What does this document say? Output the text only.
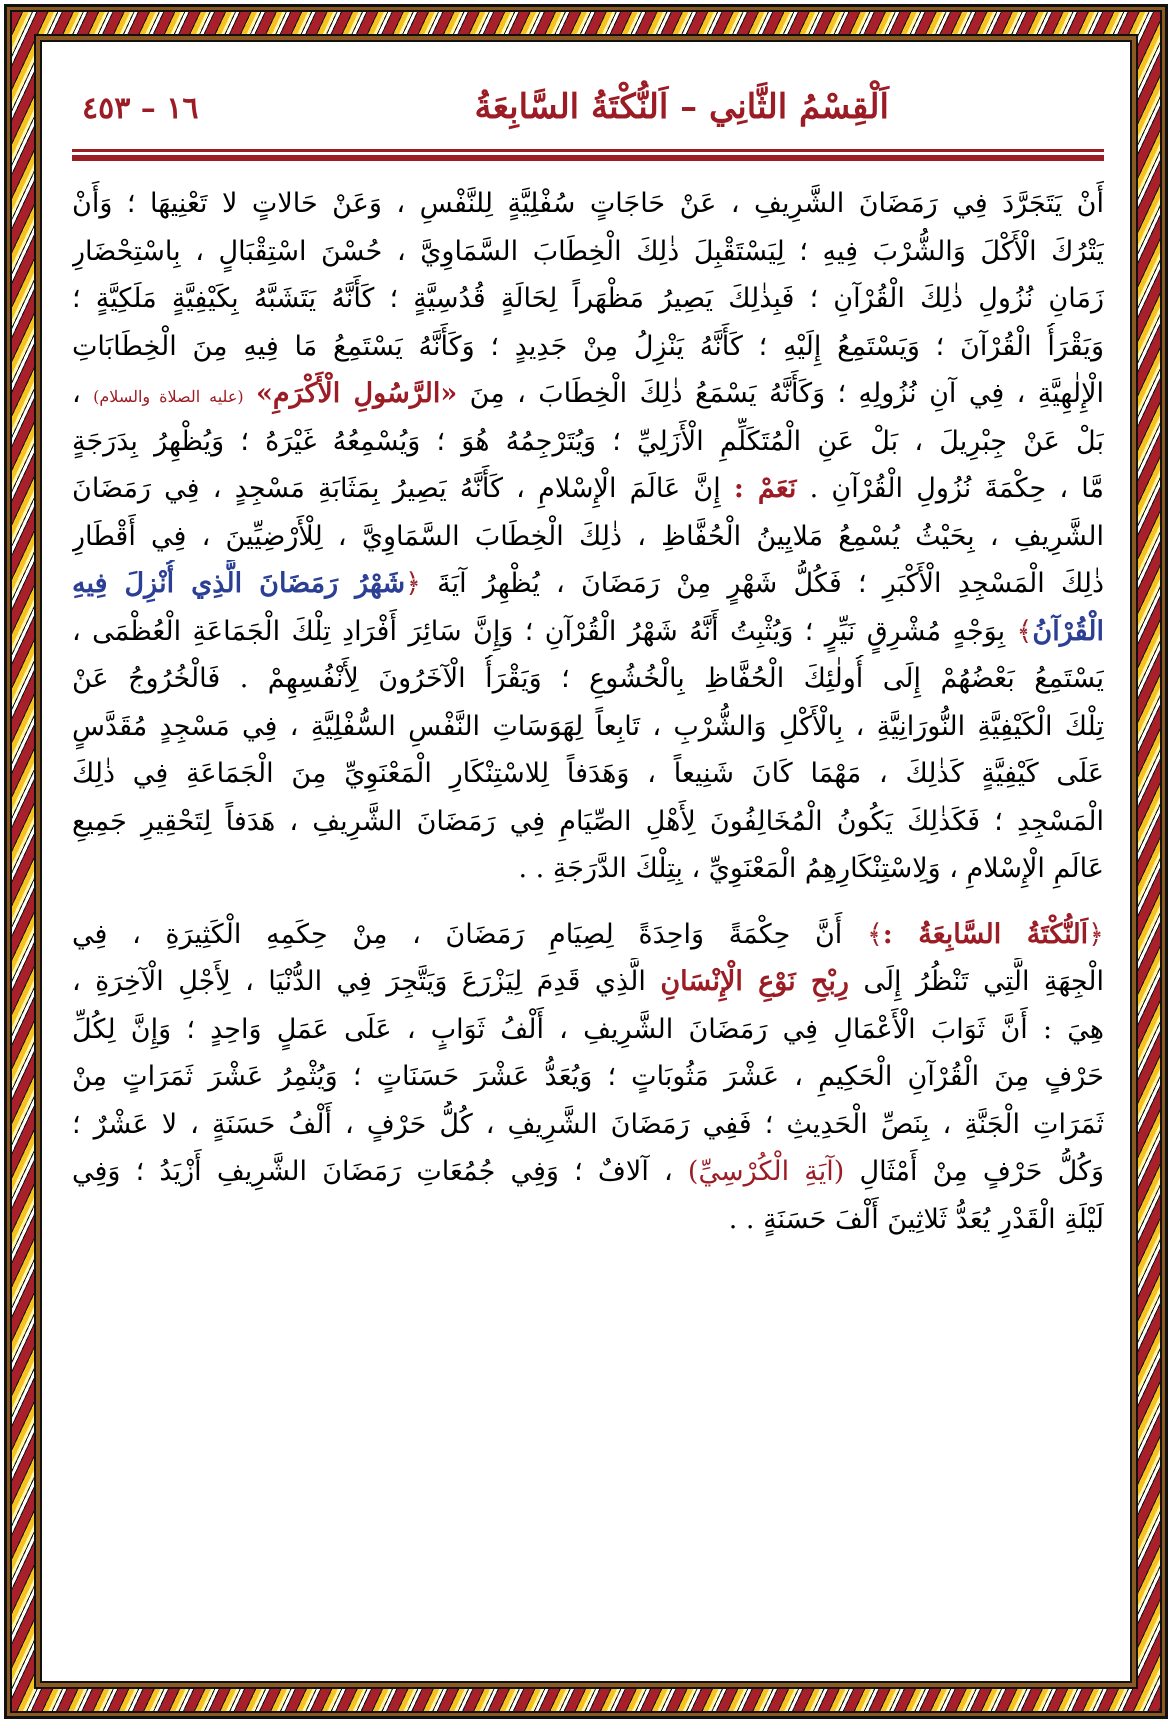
اَلْقِسْمُ الثَّانِي – اَلنُّكْتَةُ السَّابِعَةُ
١٦ – ٤٥٣
أَنْ يَتَجَرَّدَ فِي رَمَضَانَ الشَّرِيفِ ، عَنْ حَاجَاتٍ سُفْلِيَّةٍ لِلنَّفْسِ ، وَعَنْ حَالاتٍ لا تَعْنِيهَا ؛ وَأَنْ
يَتْرُكَ الْأَكْلَ وَالشُّرْبَ فِيهِ ؛ لِيَسْتَقْبِلَ ذٰلِكَ الْخِطَابَ السَّمَاوِيَّ ، حُسْنَ اسْتِقْبَالٍ ، بِاسْتِحْضَارِ
زَمَانِ نُزُولِ ذٰلِكَ الْقُرْآنِ ؛ فَبِذٰلِكَ يَصِيرُ مَظْهَراً لِحَالَةٍ قُدُسِيَّةٍ ؛ كَأَنَّهُ يَتَشَبَّهُ بِكَيْفِيَّةٍ مَلَكِيَّةٍ ؛
وَيَقْرَأُ الْقُرْآنَ ؛ وَيَسْتَمِعُ إِلَيْهِ ؛ كَأَنَّهُ يَنْزِلُ مِنْ جَدِيدٍ ؛ وَكَأَنَّهُ يَسْتَمِعُ مَا فِيهِ مِنَ الْخِطَابَاتِ
الْإِلٰهِيَّةِ ، فِي آنِ نُزُولِهِ ؛ وَكَأَنَّهُ يَسْمَعُ ذٰلِكَ الْخِطَابَ ، مِنَ «الرَّسُولِ الْأَكْرَمِ» (عليه الصلاة والسلام) ،
بَلْ عَنْ جِبْرِيلَ ، بَلْ عَنِ الْمُتَكَلِّمِ الْأَزَلِيِّ ؛ وَيُتَرْجِمُهُ هُوَ ؛ وَيُسْمِعُهُ غَيْرَهُ ؛ وَيُظْهِرُ بِدَرَجَةٍ
مَّا ، حِكْمَةَ نُزُولِ الْقُرْآنِ . نَعَمْ : إِنَّ عَالَمَ الْإِسْلامِ ، كَأَنَّهُ يَصِيرُ بِمَثَابَةِ مَسْجِدٍ ، فِي رَمَضَانَ
الشَّرِيفِ ، بِحَيْثُ يُسْمِعُ مَلايِينُ الْحُفَّاظِ ، ذٰلِكَ الْخِطَابَ السَّمَاوِيَّ ، لِلْأَرْضِيِّينَ ، فِي أَقْطَارِ
ذٰلِكَ الْمَسْجِدِ الْأَكْبَرِ ؛ فَكُلُّ شَهْرٍ مِنْ رَمَضَانَ ، يُظْهِرُ آيَةَ ﴿شَهْرُ رَمَضَانَ الَّذِي أُنْزِلَ فِيهِ
الْقُرْآنُ﴾ بِوَجْهٍ مُشْرِقٍ نَيِّرٍ ؛ وَيُثْبِتُ أَنَّهُ شَهْرُ الْقُرْآنِ ؛ وَإِنَّ سَائِرَ أَفْرَادِ تِلْكَ الْجَمَاعَةِ الْعُظْمَى ،
يَسْتَمِعُ بَعْضُهُمْ إِلَى أُولٰئِكَ الْحُفَّاظِ بِالْخُشُوعِ ؛ وَيَقْرَأُ الْآخَرُونَ لِأَنْفُسِهِمْ . فَالْخُرُوجُ عَنْ
تِلْكَ الْكَيْفِيَّةِ النُّورَانِيَّةِ ، بِالْأَكْلِ وَالشُّرْبِ ، تَابِعاً لِهَوَسَاتِ النَّفْسِ السُّفْلِيَّةِ ، فِي مَسْجِدٍ مُقَدَّسٍ
عَلَى كَيْفِيَّةٍ كَذٰلِكَ ، مَهْمَا كَانَ شَنِيعاً ، وَهَدَفاً لِلاسْتِنْكَارِ الْمَعْنَوِيِّ مِنَ الْجَمَاعَةِ فِي ذٰلِكَ
الْمَسْجِدِ ؛ فَكَذٰلِكَ يَكُونُ الْمُخَالِفُونَ لِأَهْلِ الصِّيَامِ فِي رَمَضَانَ الشَّرِيفِ ، هَدَفاً لِتَحْقِيرِ جَمِيعِ
عَالَمِ الْإِسْلامِ ، وَلِاسْتِنْكَارِهِمُ الْمَعْنَوِيِّ ، بِتِلْكَ الدَّرَجَةِ . .
﴿اَلنُّكْتَةُ السَّابِعَةُ :﴾ أَنَّ حِكْمَةً وَاحِدَةً لِصِيَامِ رَمَضَانَ ، مِنْ حِكَمِهِ الْكَثِيرَةِ ، فِي
الْجِهَةِ الَّتِي تَنْظُرُ إِلَى رِبْحِ نَوْعِ الْإِنْسَانِ الَّذِي قَدِمَ لِيَزْرَعَ وَيَتَّجِرَ فِي الدُّنْيَا ، لِأَجْلِ الْآخِرَةِ ،
هِيَ : أَنَّ ثَوَابَ الْأَعْمَالِ فِي رَمَضَانَ الشَّرِيفِ ، أَلْفُ ثَوَابٍ ، عَلَى عَمَلٍ وَاحِدٍ ؛ وَإِنَّ لِكُلِّ
حَرْفٍ مِنَ الْقُرْآنِ الْحَكِيمِ ، عَشْرَ مَثُوبَاتٍ ؛ وَيُعَدُّ عَشْرَ حَسَنَاتٍ ؛ وَيُثْمِرُ عَشْرَ ثَمَرَاتٍ مِنْ
ثَمَرَاتِ الْجَنَّةِ ، بِنَصِّ الْحَدِيثِ ؛ فَفِي رَمَضَانَ الشَّرِيفِ ، كُلُّ حَرْفٍ ، أَلْفُ حَسَنَةٍ ، لا عَشْرٌ ؛
وَكُلُّ حَرْفٍ مِنْ أَمْثَالِ (آيَةِ الْكُرْسِيِّ) ، آلافٌ ؛ وَفِي جُمُعَاتِ رَمَضَانَ الشَّرِيفِ أَزْيَدُ ؛ وَفِي
لَيْلَةِ الْقَدْرِ يُعَدُّ ثَلاثِينَ أَلْفَ حَسَنَةٍ . .
